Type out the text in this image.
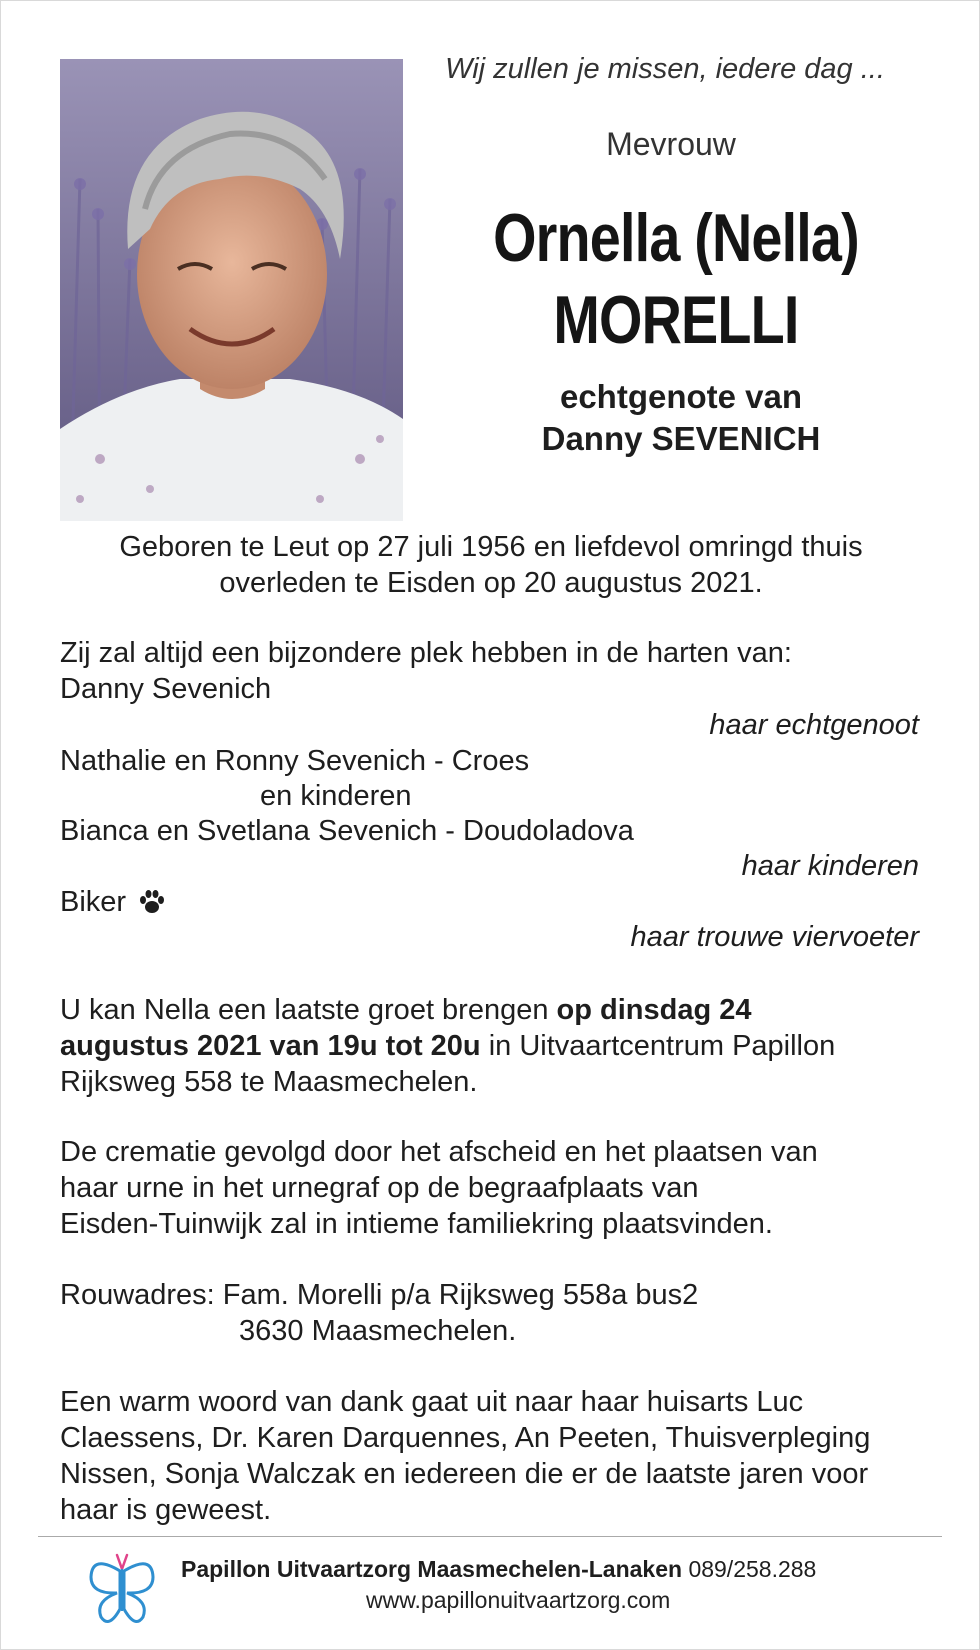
Wij zullen je missen, iedere dag ...
Mevrouw
Ornella (Nella)
MORELLI
echtgenote van
Danny SEVENICH
Geboren te Leut op 27 juli 1956 en liefdevol omringd thuis
overleden te Eisden op 20 augustus 2021.
Zij zal altijd een bijzondere plek hebben in de harten van:
Danny Sevenich
haar echtgenoot
Nathalie en Ronny Sevenich - Croes
en kinderen
Bianca en Svetlana Sevenich - Doudoladova
haar kinderen
Biker
haar trouwe viervoeter
U kan Nella een laatste groet brengen op dinsdag 24
augustus 2021 van 19u tot 20u in Uitvaartcentrum Papillon
Rijksweg 558 te Maasmechelen.
De crematie gevolgd door het afscheid en het plaatsen van
haar urne in het urnegraf op de begraafplaats van
Eisden-Tuinwijk zal in intieme familiekring plaatsvinden.
Rouwadres: Fam. Morelli p/a Rijksweg 558a bus2
3630 Maasmechelen.
Een warm woord van dank gaat uit naar haar huisarts Luc
Claessens, Dr. Karen Darquennes, An Peeten, Thuisverpleging
Nissen, Sonja Walczak en iedereen die er de laatste jaren voor
haar is geweest.
Papillon Uitvaartzorg Maasmechelen-Lanaken 089/258.288
www.papillonuitvaartzorg.com
